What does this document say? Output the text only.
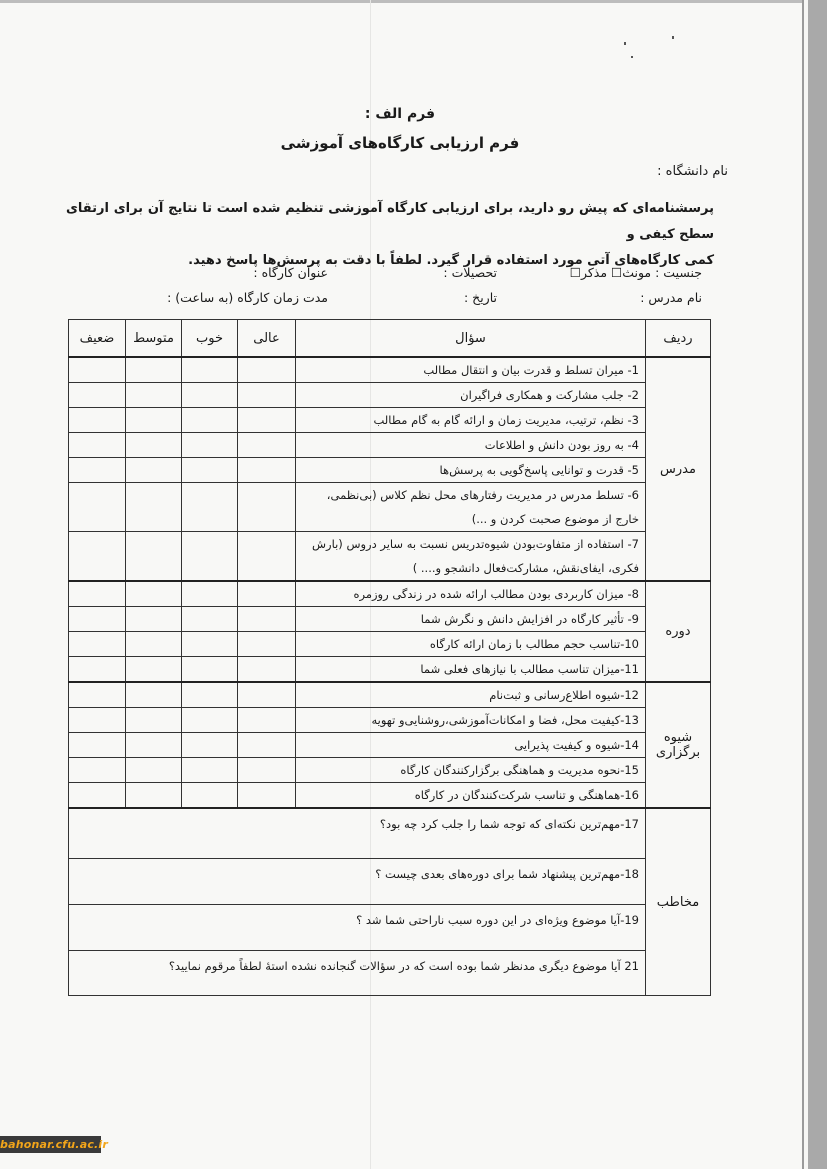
فرم الف :
فرم ارزیابی کارگاه‌های آموزشی
نام دانشگاه :
پرسشنامه‌ای که پیش رو دارید، برای ارزیابی کارگاه آموزشی تنظیم شده است تا نتایج آن برای ارتقای سطح کیفی و
کمی کارگاه‌های آتی مورد استفاده قرار گیرد. لطفاً با دقت به پرسش‌ها پاسخ دهید.
جنسیت : مونث☐ مذکر☐
تحصیلات :
عنوان کارگاه :
نام مدرس :
تاریخ :
مدت زمان کارگاه (به ساعت) :
ردیف	سؤال	عالی	خوب	متوسط	ضعیف
مدرس	1- میران تسلط و قدرت بیان و انتقال مطالب				
	2- جلب مشارکت و همکاری فراگیران				
	3- نظم، ترتیب، مدیریت زمان و ارائه گام به گام مطالب				
	4- به روز بودن دانش و اطلاعات				
	5- قدرت و توانایی پاسخ‌گویی به پرسش‌ها				
	6- تسلط مدرس در مدیریت رفتارهای محل نظم کلاس (بی‌نظمی، خارج از موضوع صحبت کردن و ...)				
	7- استفاده از متفاوت‌بودن شیوه‌تدریس نسبت به سایر دروس (بارش فکری، ایفای‌نقش، مشارکت‌فعال دانشجو و.... )				
دوره	8- میزان کاربردی بودن مطالب ارائه شده در زندگی روزمره				
	9- تأثیر کارگاه در افزایش دانش و نگرش شما				
	10-تناسب حجم مطالب با زمان ارائه کارگاه				
	11-میزان تناسب مطالب با نیازهای فعلی شما				
شیوه برگزاری	12-شیوه اطلاع‌رسانی و ثبت‌نام				
	13-کیفیت محل، فضا و امکانات‌آموزشی،روشنایی‌و تهویه				
	14-شیوه و کیفیت پذیرایی				
	15-نحوه مدیریت و هماهنگی برگزارکنندگان کارگاه				
	16-هماهنگی و تناسب شرکت‌کنندگان در کارگاه				
مخاطب	17-مهم‌ترین نکته‌ای که توجه شما را جلب کرد چه بود؟				
	18-مهم‌ترین پیشنهاد شما برای دوره‌های بعدی چیست ؟				
	19-آیا موضوع ویژه‌ای در این دوره سبب ناراحتی شما شد ؟				
	21 آیا موضوع دیگری مدنظر شما بوده است که در سؤالات گنجانده نشده استۀ لطفاً مرقوم نمایید؟				
bahonar.cfu.ac.ir
